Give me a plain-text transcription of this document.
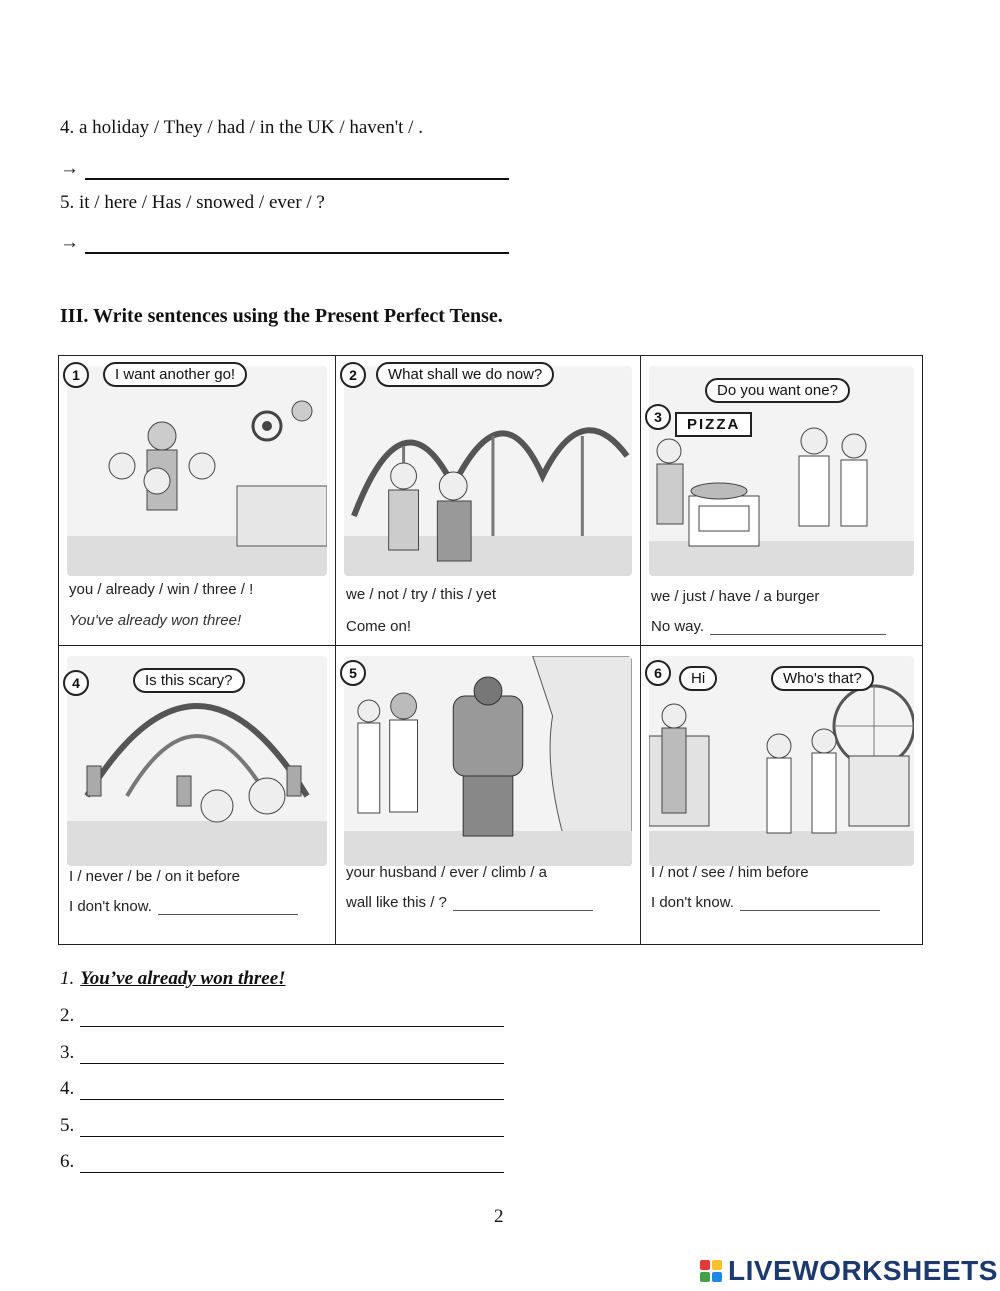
4. a holiday / They / had / in the UK / haven't / .
→
5. it / here / Has / snowed / ever / ?
→
III. Write sentences using the Present Perfect Tense.
1	I want another go!
you / already / win / three / !
You've already won three!
2	What shall we do now?
we / not / try / this / yet
Come on!
3
Do you want one?
PIZZA
we / just / have / a burger
No way.
4	Is this scary?
I / never / be / on it before
I don't know.
5
your husband / ever / climb / a
wall like this / ?
6	Hi	Who's that?
I / not / see / him before
I don't know.
1. You’ve already won three!
2.
3.
4.
5.
6.
2
LIVEWORKSHEETS
